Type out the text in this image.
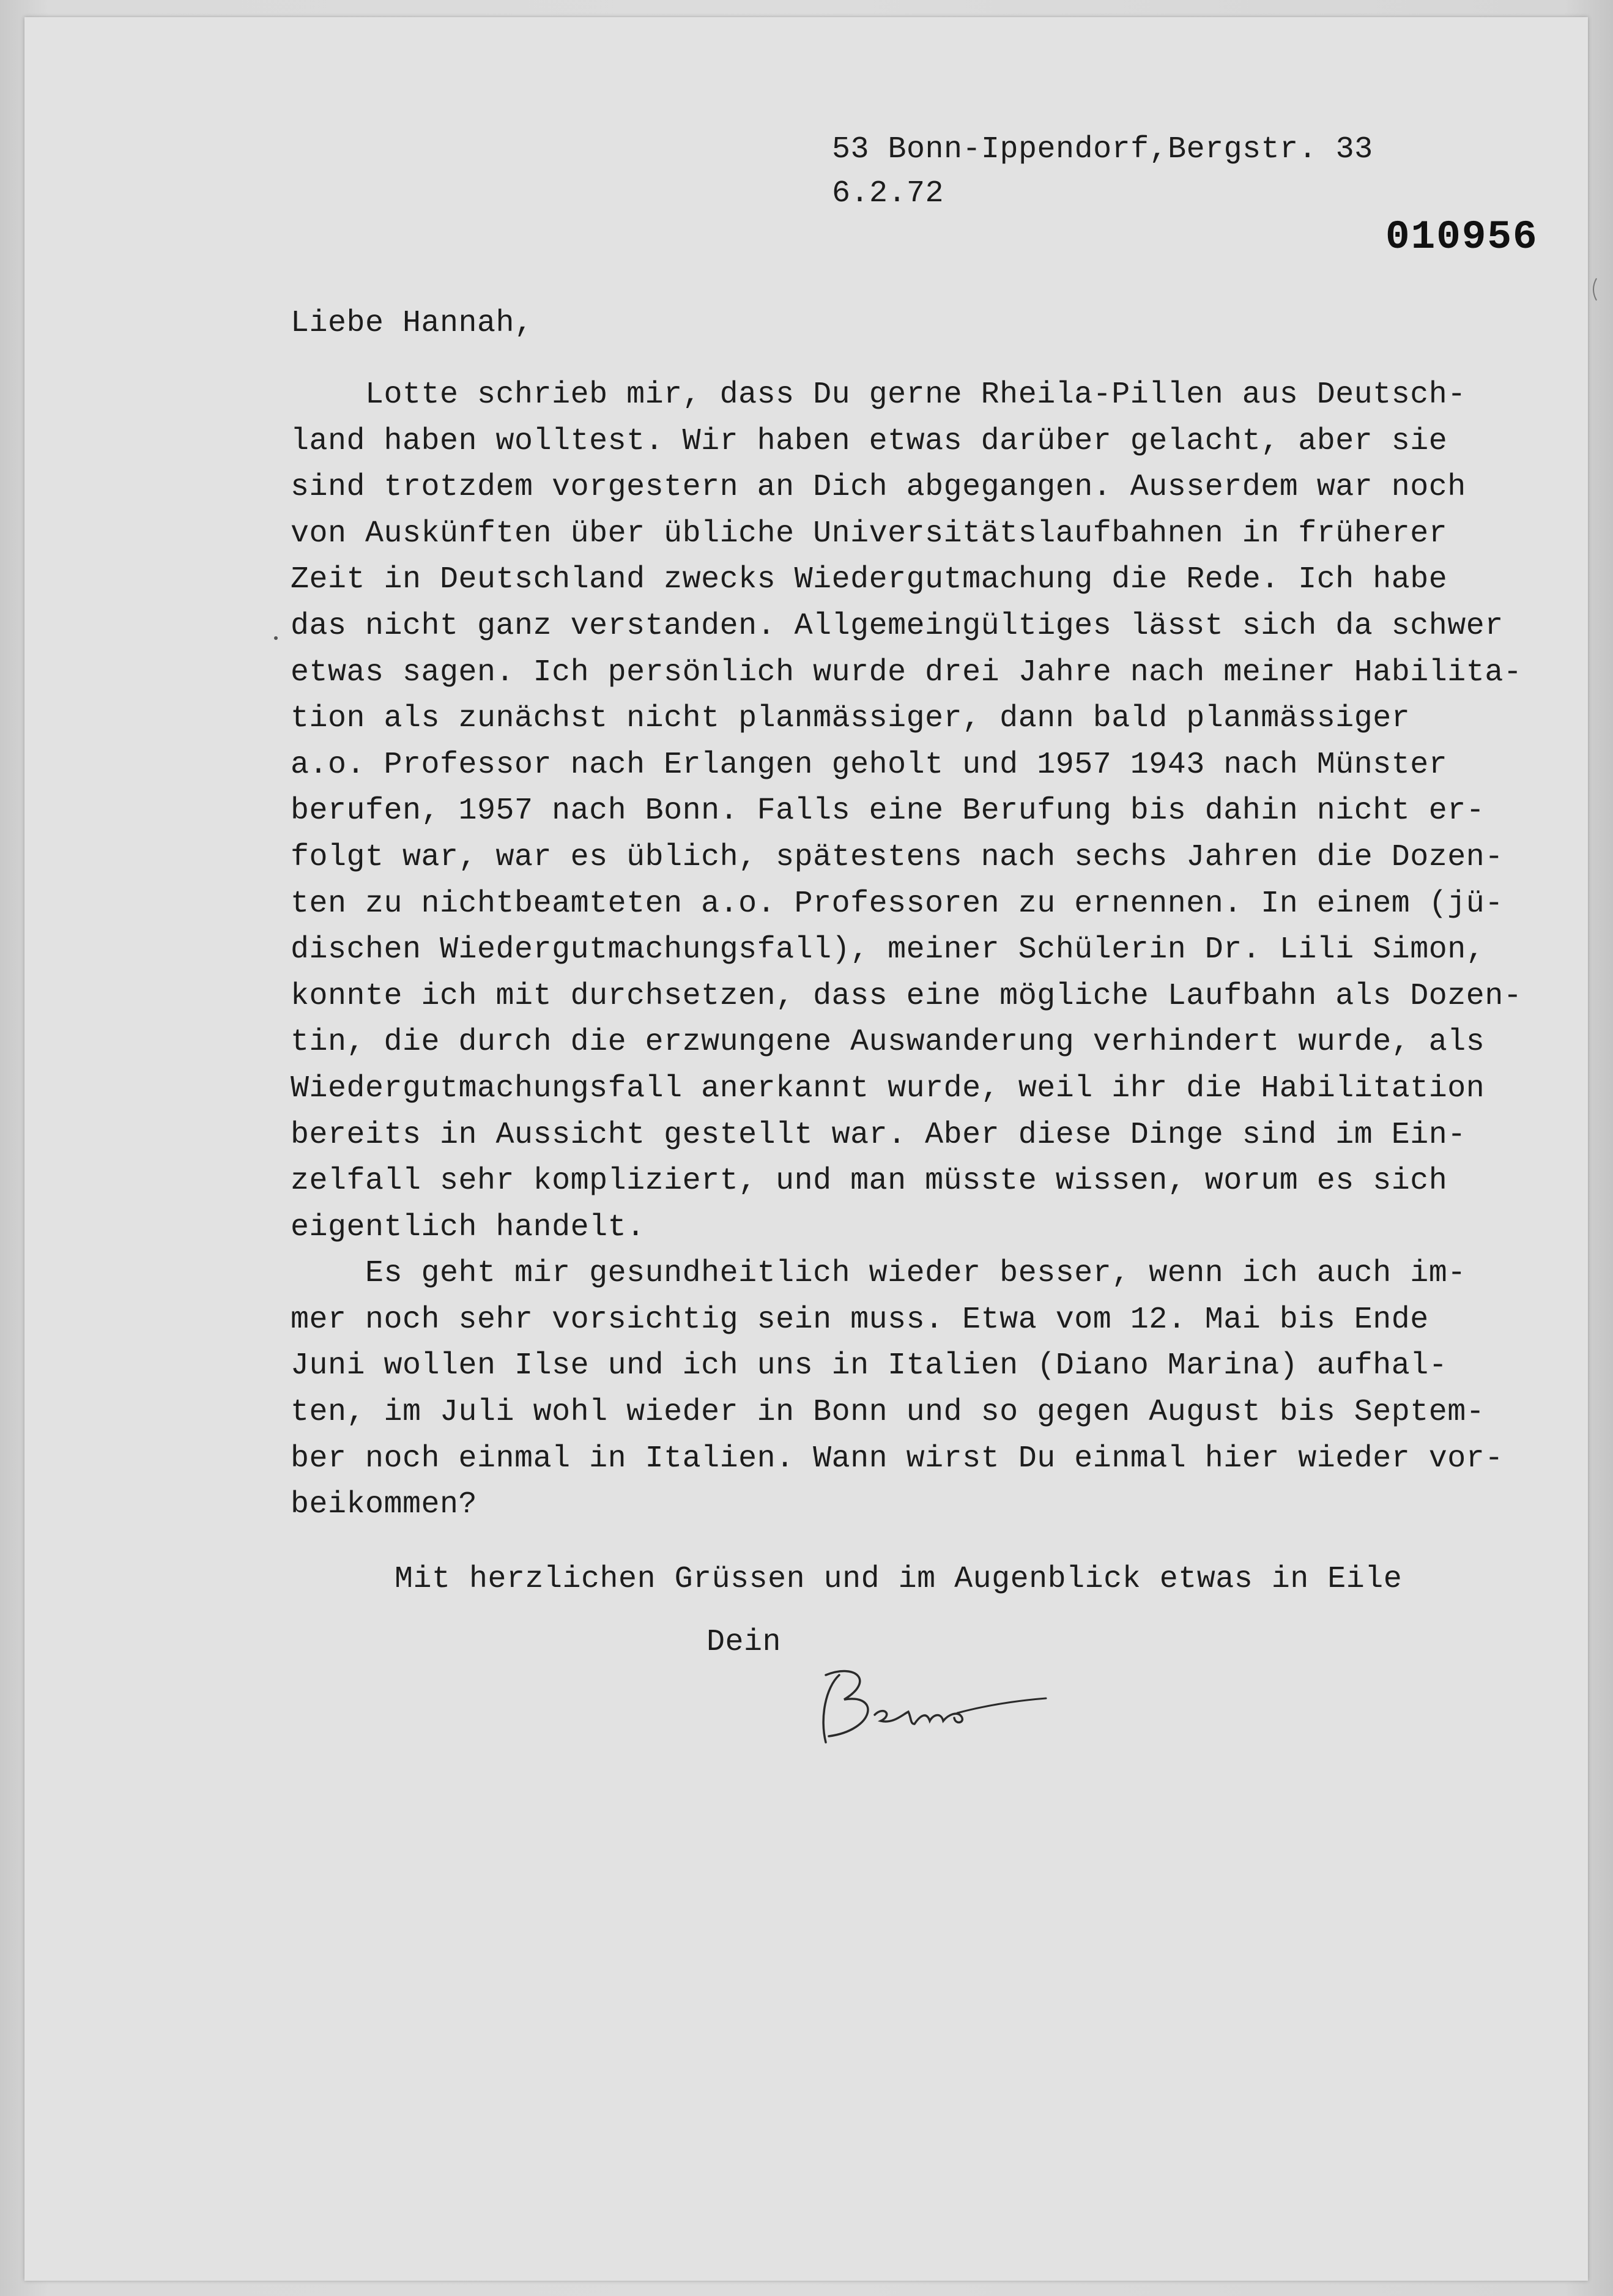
53 Bonn-Ippendorf,Bergstr. 33
6.2.72
010956
Liebe Hannah,
Lotte schrieb mir, dass Du gerne Rheila-Pillen aus Deutsch-
land haben wolltest. Wir haben etwas darüber gelacht, aber sie
sind trotzdem vorgestern an Dich abgegangen. Ausserdem war noch
von Auskünften über übliche Universitätslaufbahnen in früherer
Zeit in Deutschland zwecks Wiedergutmachung die Rede. Ich habe
das nicht ganz verstanden. Allgemeingültiges lässt sich da schwer
etwas sagen. Ich persönlich wurde drei Jahre nach meiner Habilita-
tion als zunächst nicht planmässiger, dann bald planmässiger
a.o. Professor nach Erlangen geholt und 1957 1943 nach Münster
berufen, 1957 nach Bonn. Falls eine Berufung bis dahin nicht er-
folgt war, war es üblich, spätestens nach sechs Jahren die Dozen-
ten zu nichtbeamteten a.o. Professoren zu ernennen. In einem (jü-
dischen Wiedergutmachungsfall), meiner Schülerin Dr. Lili Simon,
konnte ich mit durchsetzen, dass eine mögliche Laufbahn als Dozen-
tin, die durch die erzwungene Auswanderung verhindert wurde, als
Wiedergutmachungsfall anerkannt wurde, weil ihr die Habilitation
bereits in Aussicht gestellt war. Aber diese Dinge sind im Ein-
zelfall sehr kompliziert, und man müsste wissen, worum es sich
eigentlich handelt.
Es geht mir gesundheitlich wieder besser, wenn ich auch im-
mer noch sehr vorsichtig sein muss. Etwa vom 12. Mai bis Ende
Juni wollen Ilse und ich uns in Italien (Diano Marina) aufhal-
ten, im Juli wohl wieder in Bonn und so gegen August bis Septem-
ber noch einmal in Italien. Wann wirst Du einmal hier wieder vor-
beikommen?
Mit herzlichen Grüssen und im Augenblick etwas in Eile
Dein
